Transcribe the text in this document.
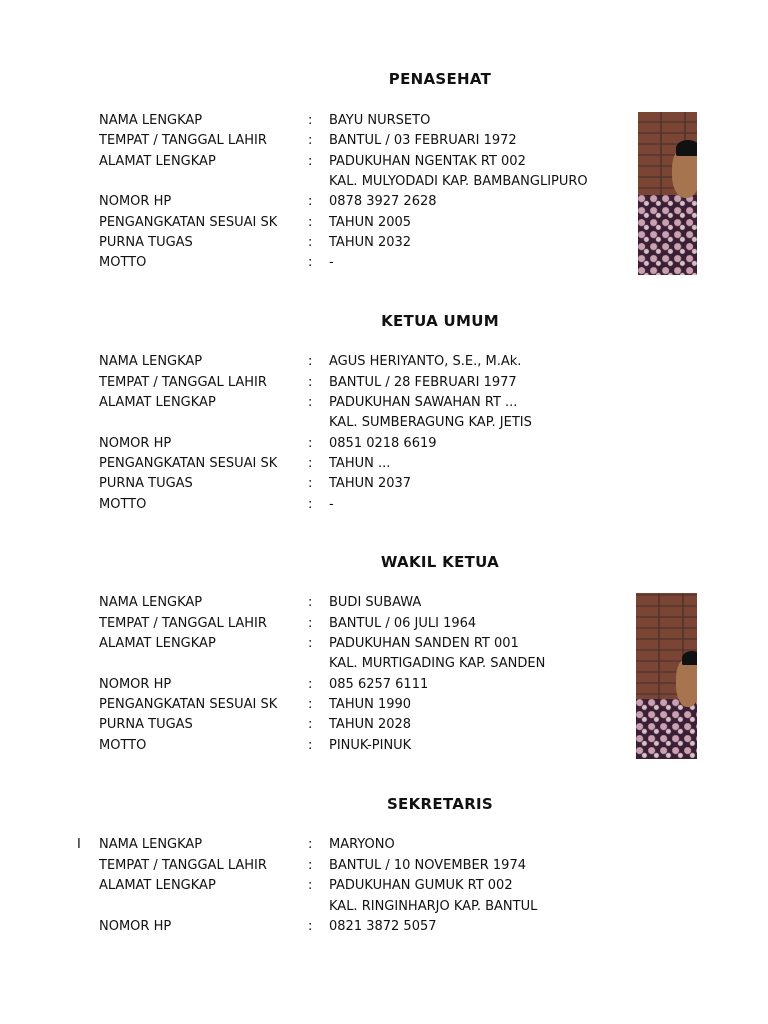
PENASEHAT
NAMA LENGKAP	: BAYU NURSETO
TEMPAT / TANGGAL LAHIR	: BANTUL / 03 FEBRUARI 1972
ALAMAT LENGKAP	: PADUKUHAN NGENTAK RT 002
KAL. MULYODADI KAP. BAMBANGLIPURO
NOMOR HP	: 0878 3927 2628
PENGANGKATAN SESUAI SK : TAHUN 2005
PURNA TUGAS	: TAHUN 2032
MOTTO	: -
KETUA UMUM
NAMA LENGKAP	: AGUS HERIYANTO, S.E., M.Ak.
TEMPAT / TANGGAL LAHIR	: BANTUL / 28 FEBRUARI 1977
ALAMAT LENGKAP	: PADUKUHAN SAWAHAN RT ...
KAL. SUMBERAGUNG KAP. JETIS
NOMOR HP	: 0851 0218 6619
PENGANGKATAN SESUAI SK : TAHUN ...
PURNA TUGAS	: TAHUN 2037
MOTTO	: -
WAKIL KETUA
NAMA LENGKAP	: BUDI SUBAWA
TEMPAT / TANGGAL LAHIR	: BANTUL / 06 JULI 1964
ALAMAT LENGKAP	: PADUKUHAN SANDEN RT 001
KAL. MURTIGADING KAP. SANDEN
NOMOR HP	: 085 6257 6111
PENGANGKATAN SESUAI SK : TAHUN 1990
PURNA TUGAS	: TAHUN 2028
MOTTO	: PINUK-PINUK
SEKRETARIS
I NAMA LENGKAP	: MARYONO
TEMPAT / TANGGAL LAHIR	: BANTUL / 10 NOVEMBER 1974
ALAMAT LENGKAP	: PADUKUHAN GUMUK RT 002
KAL. RINGINHARJO KAP. BANTUL
NOMOR HP	: 0821 3872 5057
